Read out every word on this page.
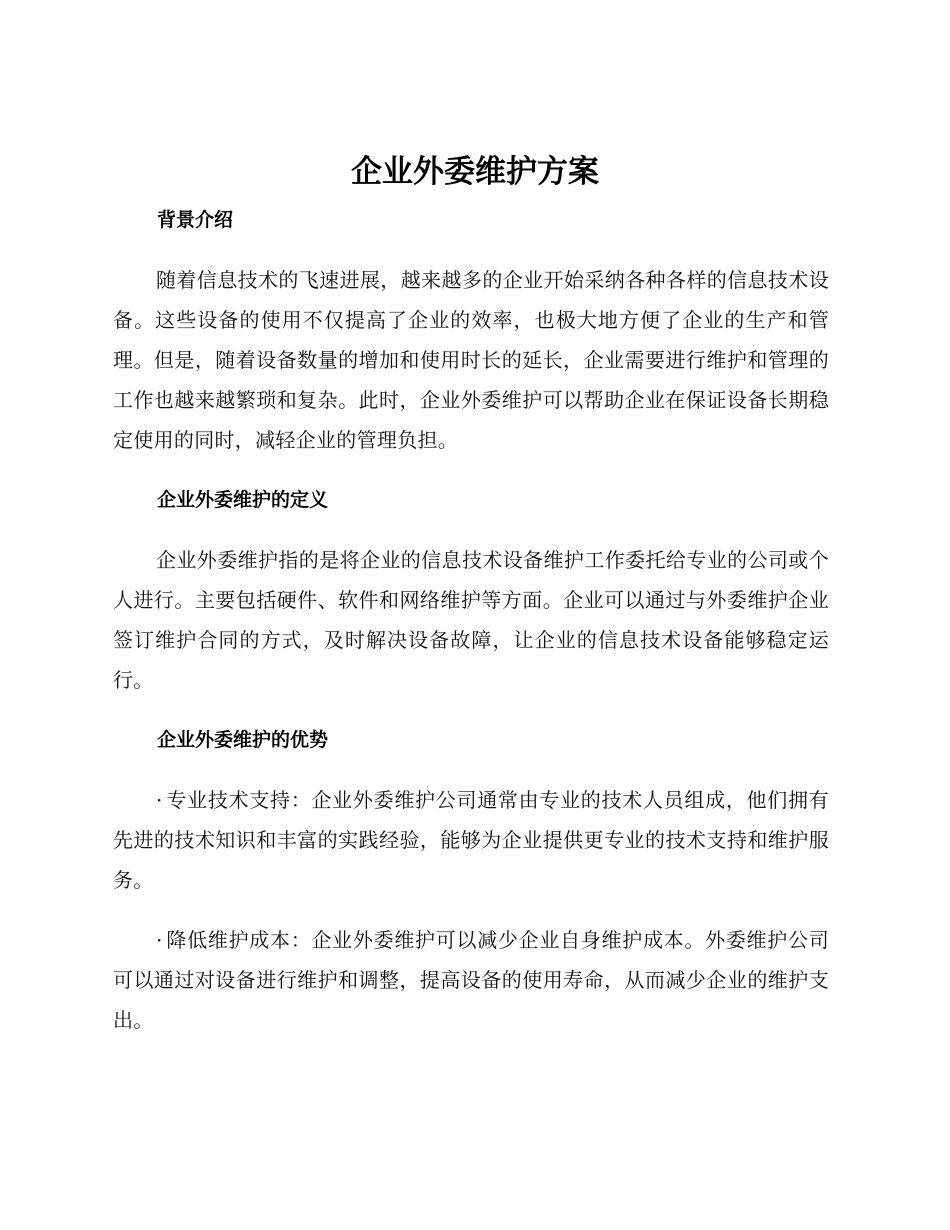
企业外委维护方案
背景介绍

随着信息技术的飞速进展，越来越多的企业开始采纳各种各样的信息技术设备。这些设备的使用不仅提高了企业的效率，也极大地方便了企业的生产和管理。但是，随着设备数量的增加和使用时长的延长，企业需要进行维护和管理的工作也越来越繁琐和复杂。此时，企业外委维护可以帮助企业在保证设备长期稳定使用的同时，减轻企业的管理负担。

企业外委维护的定义

企业外委维护指的是将企业的信息技术设备维护工作委托给专业的公司或个人进行。主要包括硬件、软件和网络维护等方面。企业可以通过与外委维护企业签订维护合同的方式，及时解决设备故障，让企业的信息技术设备能够稳定运行。

企业外委维护的优势

· 专业技术支持：企业外委维护公司通常由专业的技术人员组成，他们拥有先进的技术知识和丰富的实践经验，能够为企业提供更专业的技术支持和维护服务。

· 降低维护成本：企业外委维护可以减少企业自身维护成本。外委维护公司可以通过对设备进行维护和调整，提高设备的使用寿命，从而减少企业的维护支出。
